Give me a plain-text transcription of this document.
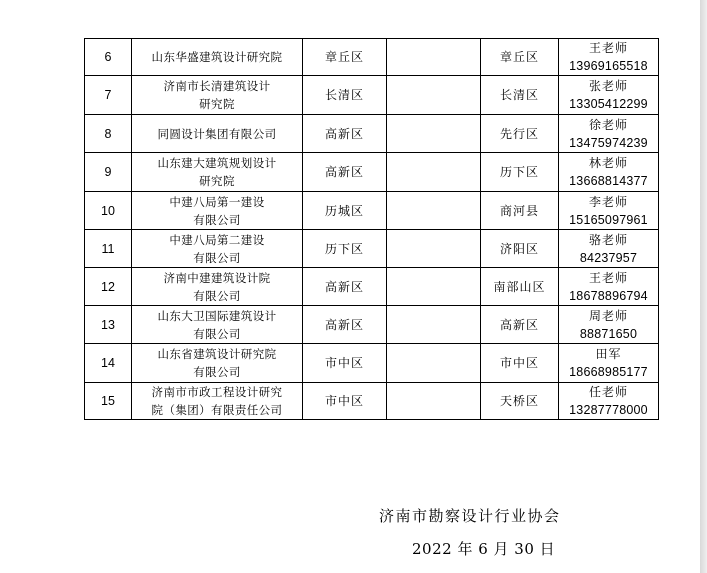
6	山东华盛建筑设计研究院	章丘区		章丘区	王老师
13969165518

7	济南市长清建筑设计
研究院	长清区		长清区	张老师
13305412299

8	同圆设计集团有限公司	高新区		先行区	徐老师
13475974239

9	山东建大建筑规划设计
研究院	高新区		历下区	林老师
13668814377

10	中建八局第一建设
有限公司	历城区		商河县	李老师
15165097961

11	中建八局第二建设
有限公司	历下区		济阳区	骆老师
84237957

12	济南中建建筑设计院
有限公司	高新区		南部山区	王老师
18678896794

13	山东大卫国际建筑设计
有限公司	高新区		高新区	周老师
88871650

14	山东省建筑设计研究院
有限公司	市中区		市中区	田军
18668985177

15	济南市市政工程设计研究
院（集团）有限责任公司	市中区		天桥区	任老师
13287778000
济南市勘察设计行业协会
2022 年 6 月 30 日
